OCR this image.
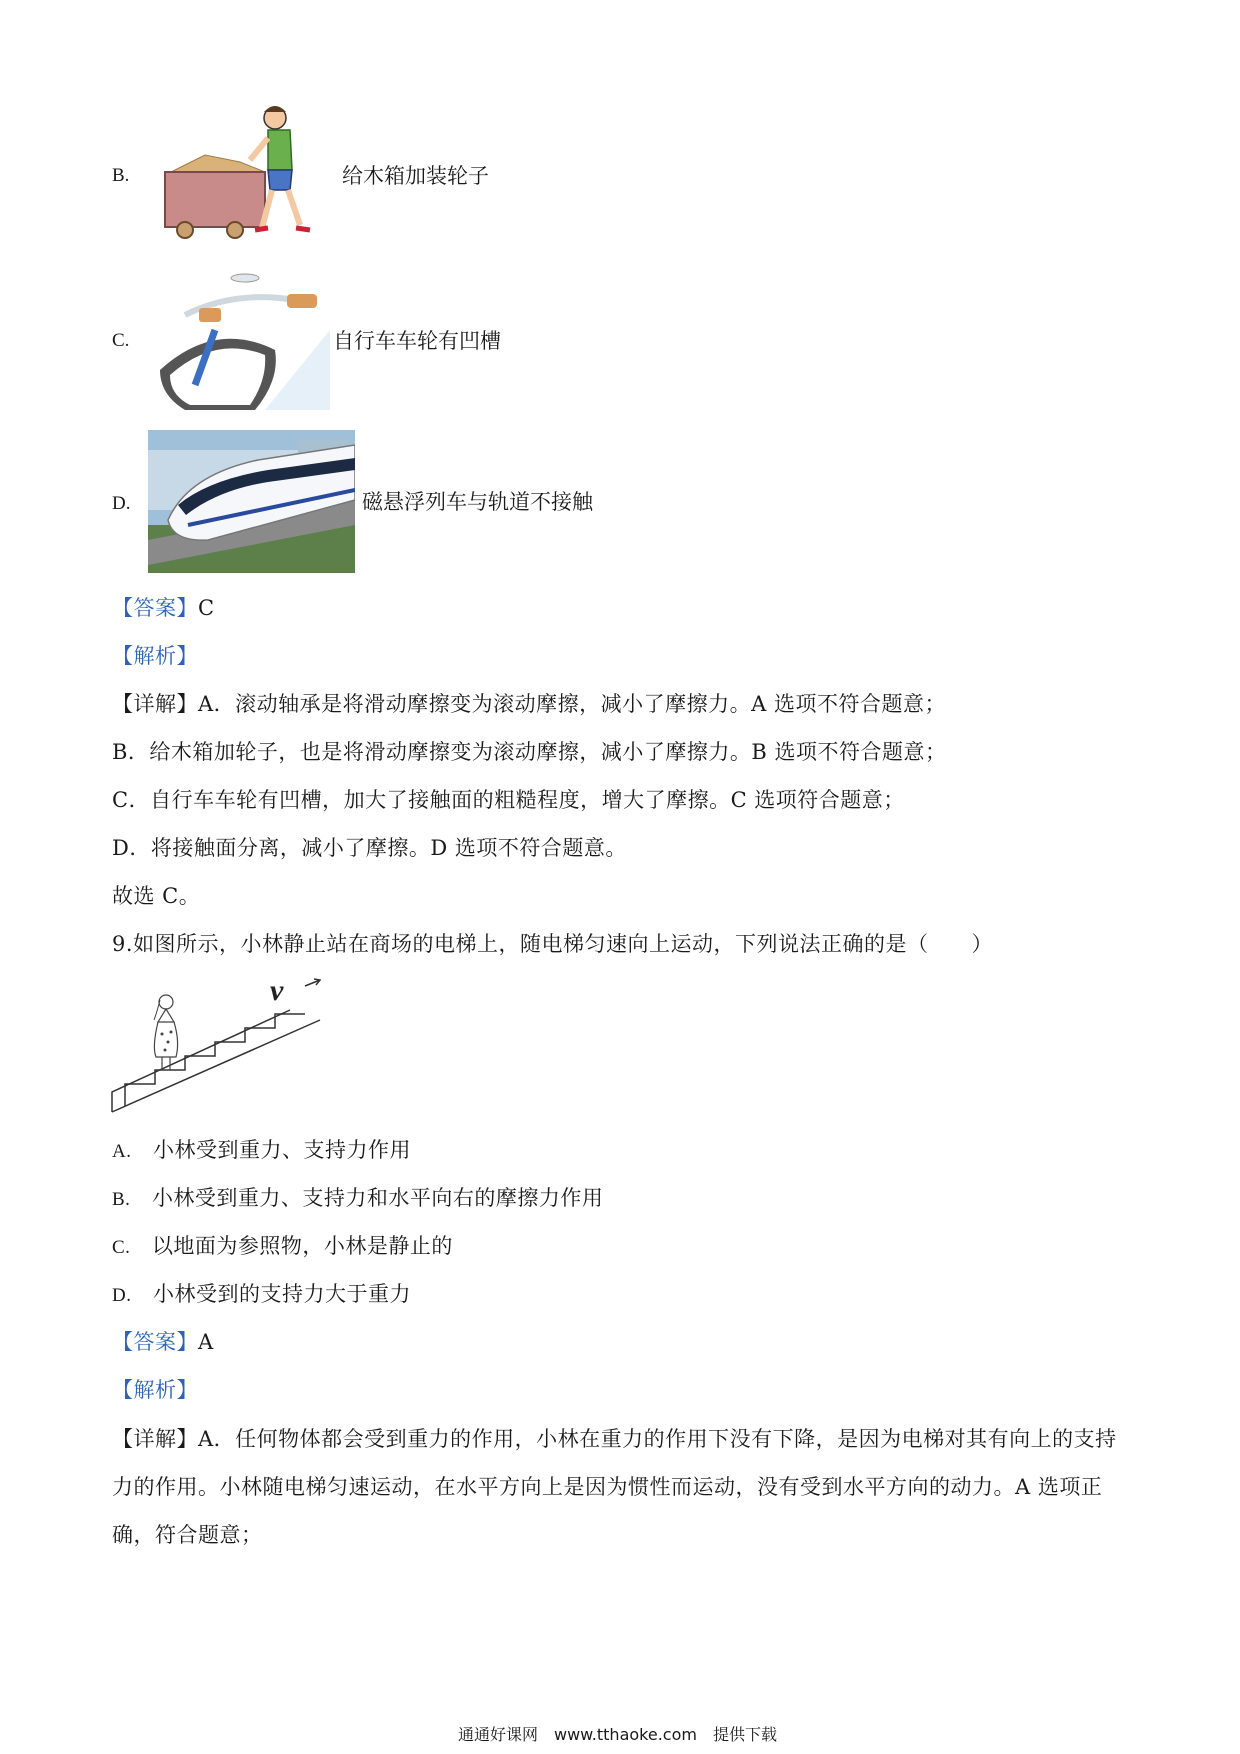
B.	给木箱加装轮子
C.	自行车车轮有凹槽
D.	磁悬浮列车与轨道不接触
【答案】C
【解析】
【详解】A．滚动轴承是将滑动摩擦变为滚动摩擦，减小了摩擦力。A 选项不符合题意；
B．给木箱加轮子，也是将滑动摩擦变为滚动摩擦，减小了摩擦力。B 选项不符合题意；
C．自行车车轮有凹槽，加大了接触面的粗糙程度，增大了摩擦。C 选项符合题意；
D．将接触面分离，减小了摩擦。D 选项不符合题意。
故选 C。
9.如图所示，小林静止站在商场的电梯上，随电梯匀速向上运动，下列说法正确的是（　　）
v
A.　 小林受到重力、支持力作用
B.　 小林受到重力、支持力和水平向右的摩擦力作用
C.　 以地面为参照物，小林是静止的
D.　 小林受到的支持力大于重力
【答案】A
【解析】
【详解】A．任何物体都会受到重力的作用，小林在重力的作用下没有下降，是因为电梯对其有向上的支持
力的作用。小林随电梯匀速运动，在水平方向上是因为惯性而运动，没有受到水平方向的动力。A 选项正
确，符合题意；
通通好课网　www.tthaoke.com　提供下载
